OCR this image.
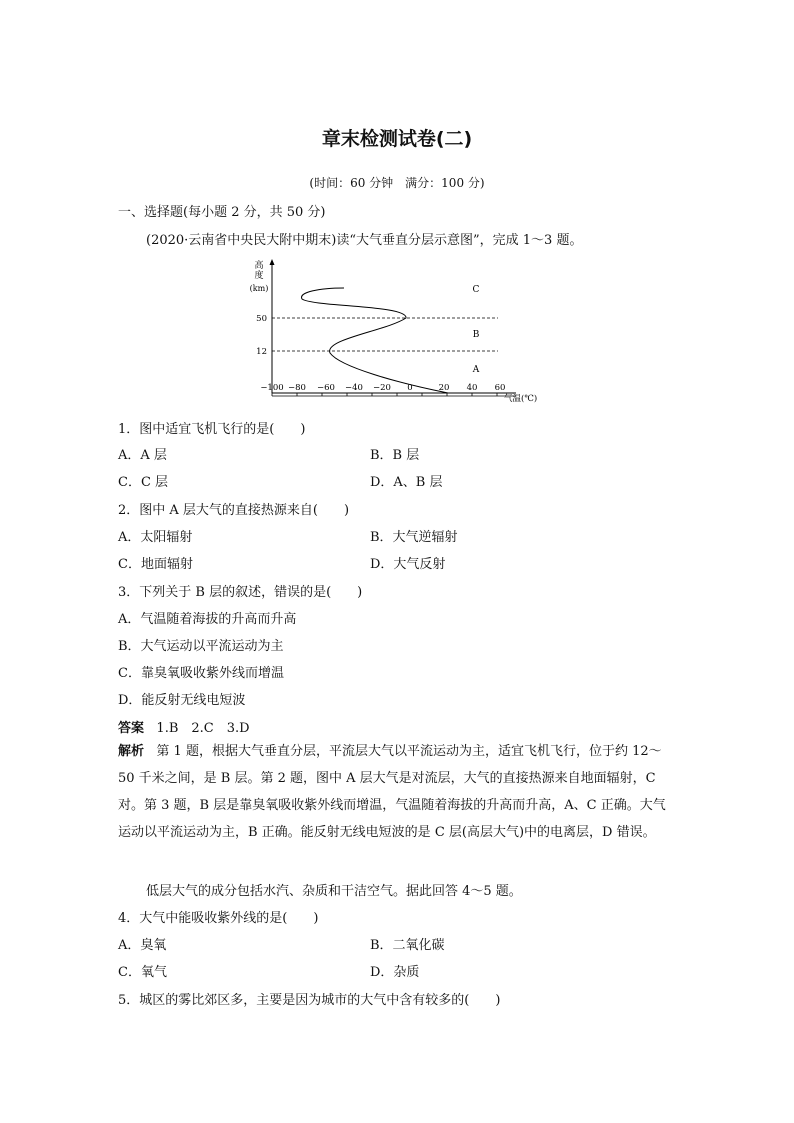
章末检测试卷(二)
(时间：60 分钟　满分：100 分)
一、选择题(每小题 2 分，共 50 分)
(2020·云南省中央民大附中期末)读“大气垂直分层示意图”，完成 1～3 题。
高
度
(km)
50
12
−100 −80 −60 −40 −20 0	20 40 60
气温(℃)
C
B
A
1．图中适宜飞机飞行的是(　　)
A．A 层	B．B 层
C．C 层	D．A、B 层
2．图中 A 层大气的直接热源来自(　　)
A．太阳辐射	B．大气逆辐射
C．地面辐射	D．大气反射
3．下列关于 B 层的叙述，错误的是(　　)
A．气温随着海拔的升高而升高
B．大气运动以平流运动为主
C．靠臭氧吸收紫外线而增温
D．能反射无线电短波
答案 1.B　2.C　3.D
解析 第 1 题，根据大气垂直分层，平流层大气以平流运动为主，适宜飞机飞行，位于约 12～50 千米之间，是 B 层。第 2 题，图中 A 层大气是对流层，大气的直接热源来自地面辐射，C 对。第 3 题，B 层是靠臭氧吸收紫外线而增温，气温随着海拔的升高而升高，A、C 正确。大气运动以平流运动为主，B 正确。能反射无线电短波的是 C 层(高层大气)中的电离层，D 错误。
低层大气的成分包括水汽、杂质和干洁空气。据此回答 4～5 题。
4．大气中能吸收紫外线的是(　　)
A．臭氧	B．二氧化碳
C．氧气	D．杂质
5．城区的雾比郊区多，主要是因为城市的大气中含有较多的(　　)
